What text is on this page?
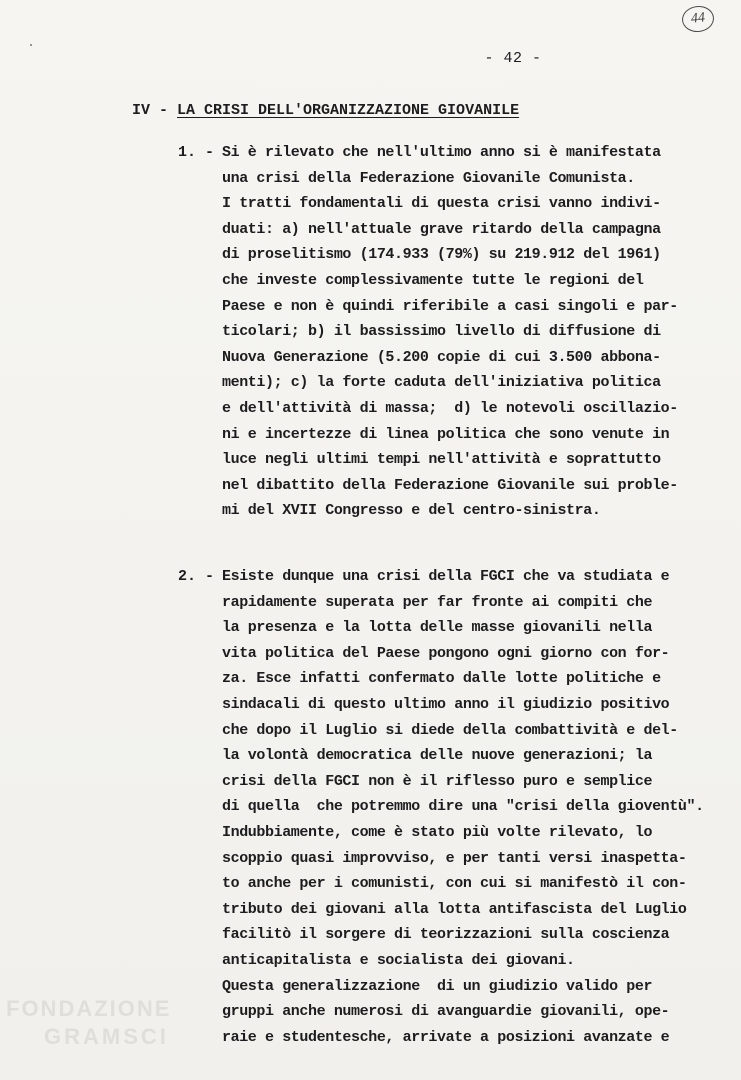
44
- 42 -
IV - LA CRISI DELL'ORGANIZZAZIONE GIOVANILE
1. - Si è rilevato che nell'ultimo anno si è manifestata
una crisi della Federazione Giovanile Comunista.
I tratti fondamentali di questa crisi vanno indivi-
duati: a) nell'attuale grave ritardo della campagna
di proselitismo (174.933 (79%) su 219.912 del 1961)
che investe complessivamente tutte le regioni del
Paese e non è quindi riferibile a casi singoli e par-
ticolari; b) il bassissimo livello di diffusione di
Nuova Generazione (5.200 copie di cui 3.500 abbona-
menti); c) la forte caduta dell'iniziativa politica
e dell'attività di massa;  d) le notevoli oscillazio-
ni e incertezze di linea politica che sono venute in
luce negli ultimi tempi nell'attività e soprattutto
nel dibattito della Federazione Giovanile sui proble-
mi del XVII Congresso e del centro-sinistra.
2. - Esiste dunque una crisi della FGCI che va studiata e
rapidamente superata per far fronte ai compiti che
la presenza e la lotta delle masse giovanili nella
vita politica del Paese pongono ogni giorno con for-
za. Esce infatti confermato dalle lotte politiche e
sindacali di questo ultimo anno il giudizio positivo
che dopo il Luglio si diede della combattività e del-
la volontà democratica delle nuove generazioni; la
crisi della FGCI non è il riflesso puro e semplice
di quella  che potremmo dire una "crisi della gioventù".
Indubbiamente, come è stato più volte rilevato, lo
scoppio quasi improvviso, e per tanti versi inaspetta-
to anche per i comunisti, con cui si manifestò il con-
tributo dei giovani alla lotta antifascista del Luglio
facilitò il sorgere di teorizzazioni sulla coscienza
anticapitalista e socialista dei giovani.
Questa generalizzazione  di un giudizio valido per
gruppi anche numerosi di avanguardie giovanili, ope-
raie e studentesche, arrivate a posizioni avanzate e
FONDAZIONE
GRAMSCI
